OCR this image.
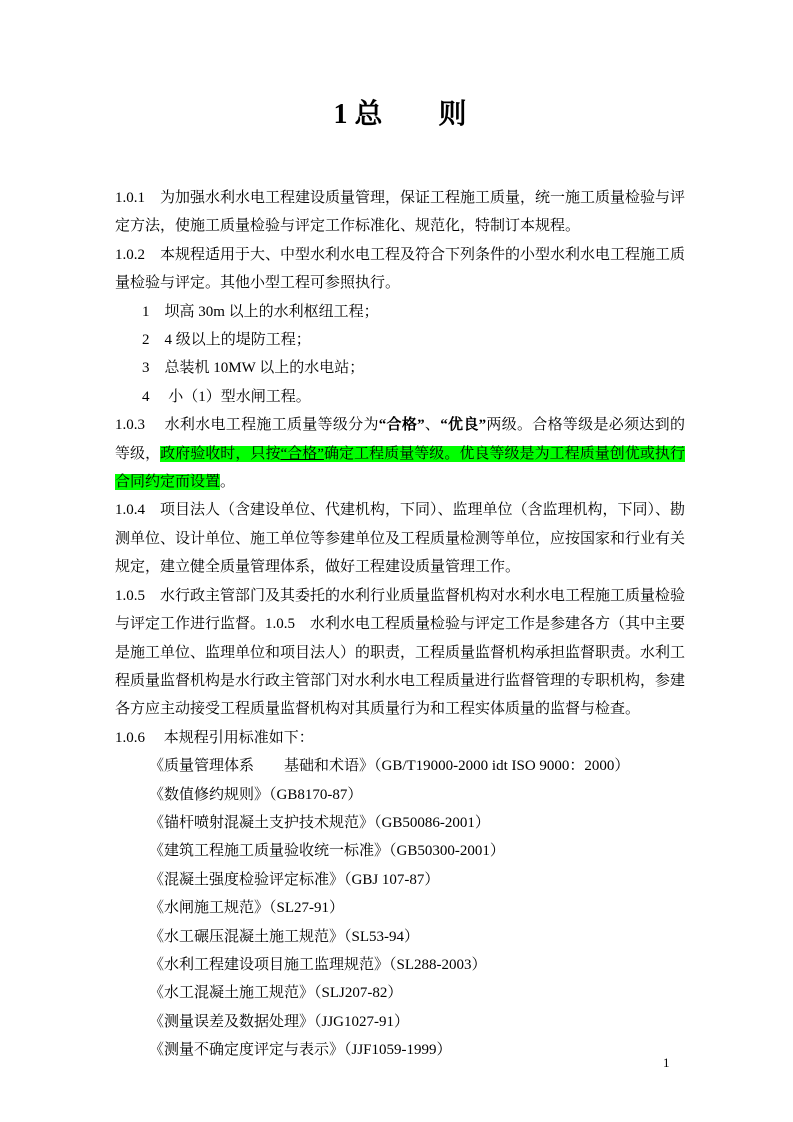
1 总　　则

1.0.1　为加强水利水电工程建设质量管理，保证工程施工质量，统一施工质量检验与评定方法，使施工质量检验与评定工作标准化、规范化，特制订本规程。

1.0.2　本规程适用于大、中型水利水电工程及符合下列条件的小型水利水电工程施工质量检验与评定。其他小型工程可参照执行。

1　坝高 30m 以上的水利枢纽工程；

2　4 级以上的堤防工程；

3　总装机 10MW 以上的水电站；

4　 小（1）型水闸工程。

1.0.3　 水利水电工程施工质量等级分为“合格”、“优良”两级。合格等级是必须达到的等级，政府验收时，只按“合格”确定工程质量等级。优良等级是为工程质量创优或执行合同约定而设置。

1.0.4　项目法人（含建设单位、代建机构，下同）、监理单位（含监理机构，下同）、勘测单位、设计单位、施工单位等参建单位及工程质量检测等单位，应按国家和行业有关规定，建立健全质量管理体系，做好工程建设质量管理工作。

1.0.5　水行政主管部门及其委托的水利行业质量监督机构对水利水电工程施工质量检验与评定工作进行监督。1.0.5　水利水电工程质量检验与评定工作是参建各方（其中主要是施工单位、监理单位和项目法人）的职责，工程质量监督机构承担监督职责。水利工程质量监督机构是水行政主管部门对水利水电工程质量进行监督管理的专职机构，参建各方应主动接受工程质量监督机构对其质量行为和工程实体质量的监督与检查。

1.0.6　 本规程引用标准如下：

《质量管理体系　　基础和术语》（GB/T19000-2000 idt ISO 9000：2000）

《数值修约规则》（GB8170-87）

《锚杆喷射混凝土支护技术规范》（GB50086-2001）

《建筑工程施工质量验收统一标准》（GB50300-2001）

《混凝土强度检验评定标准》（GBJ 107-87）

《水闸施工规范》（SL27-91）

《水工碾压混凝土施工规范》（SL53-94）

《水利工程建设项目施工监理规范》（SL288-2003）

《水工混凝土施工规范》（SLJ207-82）

《测量误差及数据处理》（JJG1027-91）

《测量不确定度评定与表示》（JJF1059-1999）

1
